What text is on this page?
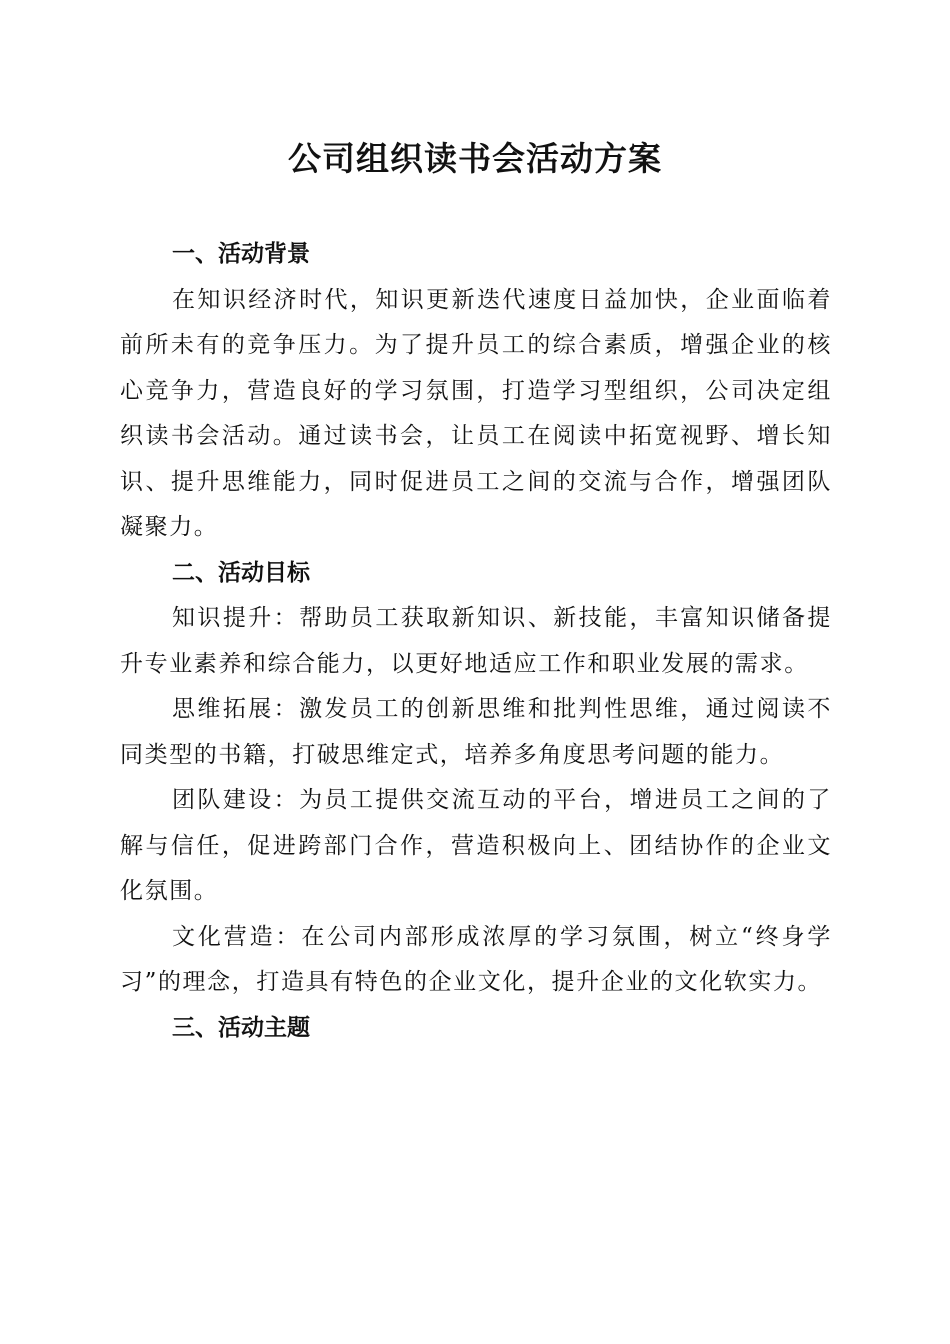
公司组织读书会活动方案
一、活动背景

在知识经济时代，知识更新迭代速度日益加快，企业面临着前所未有的竞争压力。为了提升员工的综合素质，增强企业的核心竞争力，营造良好的学习氛围，打造学习型组织，公司决定组织读书会活动。通过读书会，让员工在阅读中拓宽视野、增长知识、提升思维能力，同时促进员工之间的交流与合作，增强团队凝聚力。

二、活动目标

知识提升：帮助员工获取新知识、新技能，丰富知识储备提升专业素养和综合能力，以更好地适应工作和职业发展的需求。

思维拓展：激发员工的创新思维和批判性思维，通过阅读不同类型的书籍，打破思维定式，培养多角度思考问题的能力。

团队建设：为员工提供交流互动的平台，增进员工之间的了解与信任，促进跨部门合作，营造积极向上、团结协作的企业文化氛围。

文化营造：在公司内部形成浓厚的学习氛围，树立“终身学习”的理念，打造具有特色的企业文化，提升企业的文化软实力。

三、活动主题
